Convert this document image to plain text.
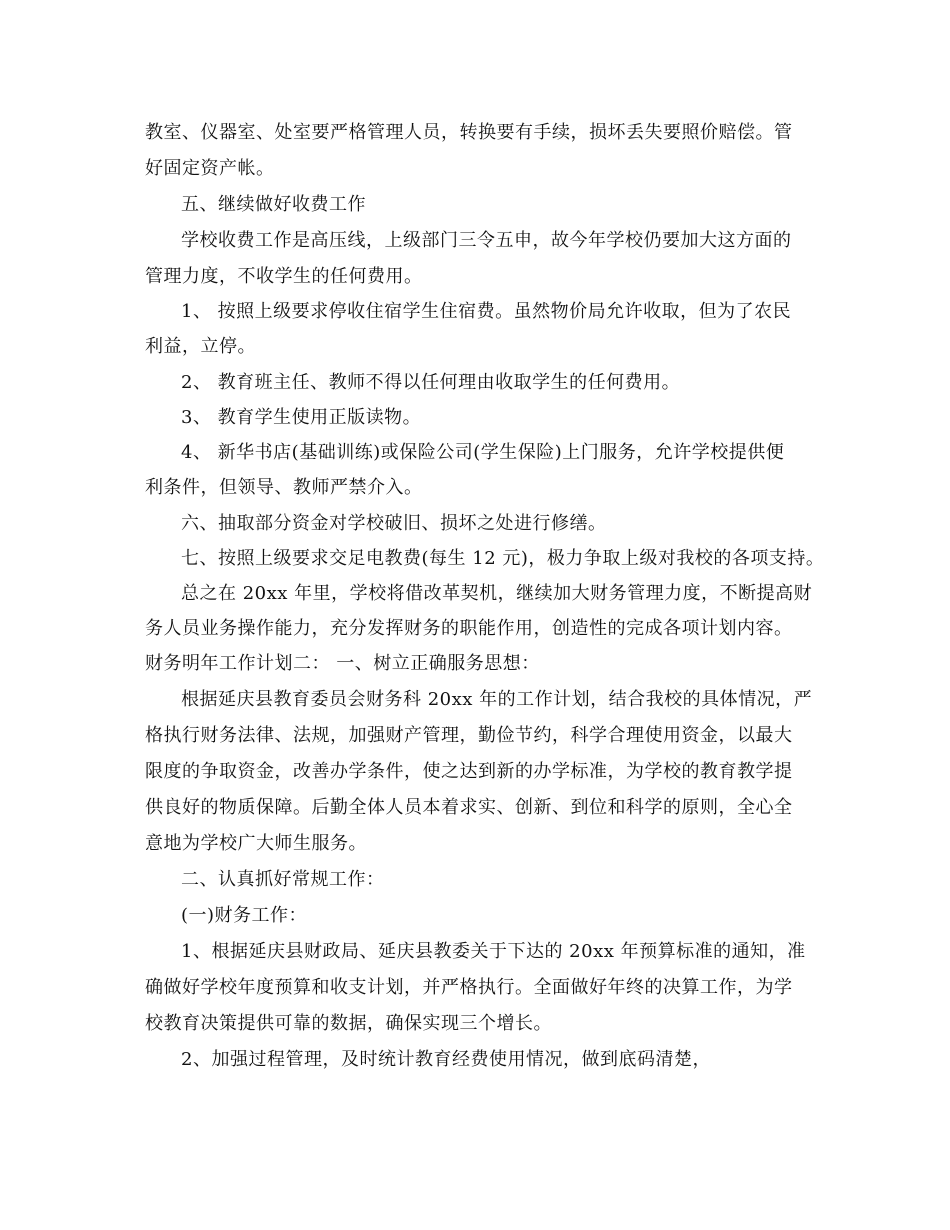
教室、仪器室、处室要严格管理人员，转换要有手续，损坏丢失要照价赔偿。管
好固定资产帐。
五、继续做好收费工作
学校收费工作是高压线，上级部门三令五申，故今年学校仍要加大这方面的
管理力度，不收学生的任何费用。
1、 按照上级要求停收住宿学生住宿费。虽然物价局允许收取，但为了农民
利益，立停。
2、 教育班主任、教师不得以任何理由收取学生的任何费用。
3、 教育学生使用正版读物。
4、 新华书店(基础训练)或保险公司(学生保险)上门服务，允许学校提供便
利条件，但领导、教师严禁介入。
六、抽取部分资金对学校破旧、损坏之处进行修缮。
七、按照上级要求交足电教费(每生 12 元)，极力争取上级对我校的各项支持。
总之在 20xx 年里，学校将借改革契机，继续加大财务管理力度，不断提高财
务人员业务操作能力，充分发挥财务的职能作用，创造性的完成各项计划内容。
财务明年工作计划二： 一、树立正确服务思想：
根据延庆县教育委员会财务科 20xx 年的工作计划，结合我校的具体情况，严
格执行财务法律、法规，加强财产管理，勤俭节约，科学合理使用资金，以最大
限度的争取资金，改善办学条件，使之达到新的办学标准，为学校的教育教学提
供良好的物质保障。后勤全体人员本着求实、创新、到位和科学的原则，全心全
意地为学校广大师生服务。
二、认真抓好常规工作：
(一)财务工作：
1、根据延庆县财政局、延庆县教委关于下达的 20xx 年预算标准的通知，准
确做好学校年度预算和收支计划，并严格执行。全面做好年终的决算工作，为学
校教育决策提供可靠的数据，确保实现三个增长。
2、加强过程管理，及时统计教育经费使用情况，做到底码清楚，
